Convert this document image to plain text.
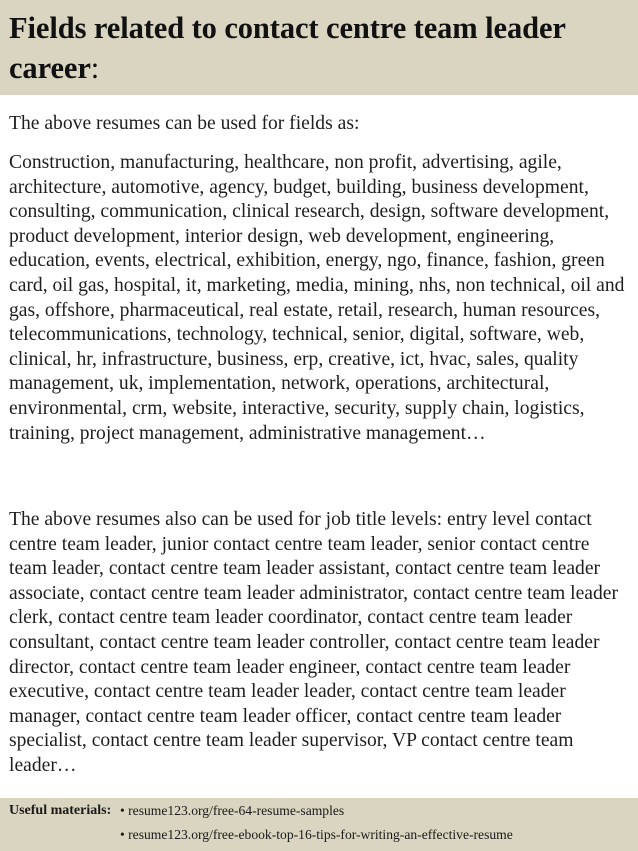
Fields related to contact centre team leader career:

The above resumes can be used for fields as:

Construction, manufacturing, healthcare, non profit, advertising, agile, architecture, automotive, agency, budget, building, business development, consulting, communication, clinical research, design, software development, product development, interior design, web development, engineering, education, events, electrical, exhibition, energy, ngo, finance, fashion, green card, oil gas, hospital, it, marketing, media, mining, nhs, non technical, oil and gas, offshore, pharmaceutical, real estate, retail, research, human resources, telecommunications, technology, technical, senior, digital, software, web, clinical, hr, infrastructure, business, erp, creative, ict, hvac, sales, quality management, uk, implementation, network, operations, architectural, environmental, crm, website, interactive, security, supply chain, logistics, training, project management, administrative management…

The above resumes also can be used for job title levels: entry level contact centre team leader, junior contact centre team leader, senior contact centre team leader, contact centre team leader assistant, contact centre team leader associate, contact centre team leader administrator, contact centre team leader clerk, contact centre team leader coordinator, contact centre team leader consultant, contact centre team leader controller, contact centre team leader director, contact centre team leader engineer, contact centre team leader executive, contact centre team leader leader, contact centre team leader manager, contact centre team leader officer, contact centre team leader specialist, contact centre team leader supervisor, VP contact centre team leader…

Useful materials: • resume123.org/free-64-resume-samples
• resume123.org/free-ebook-top-16-tips-for-writing-an-effective-resume
